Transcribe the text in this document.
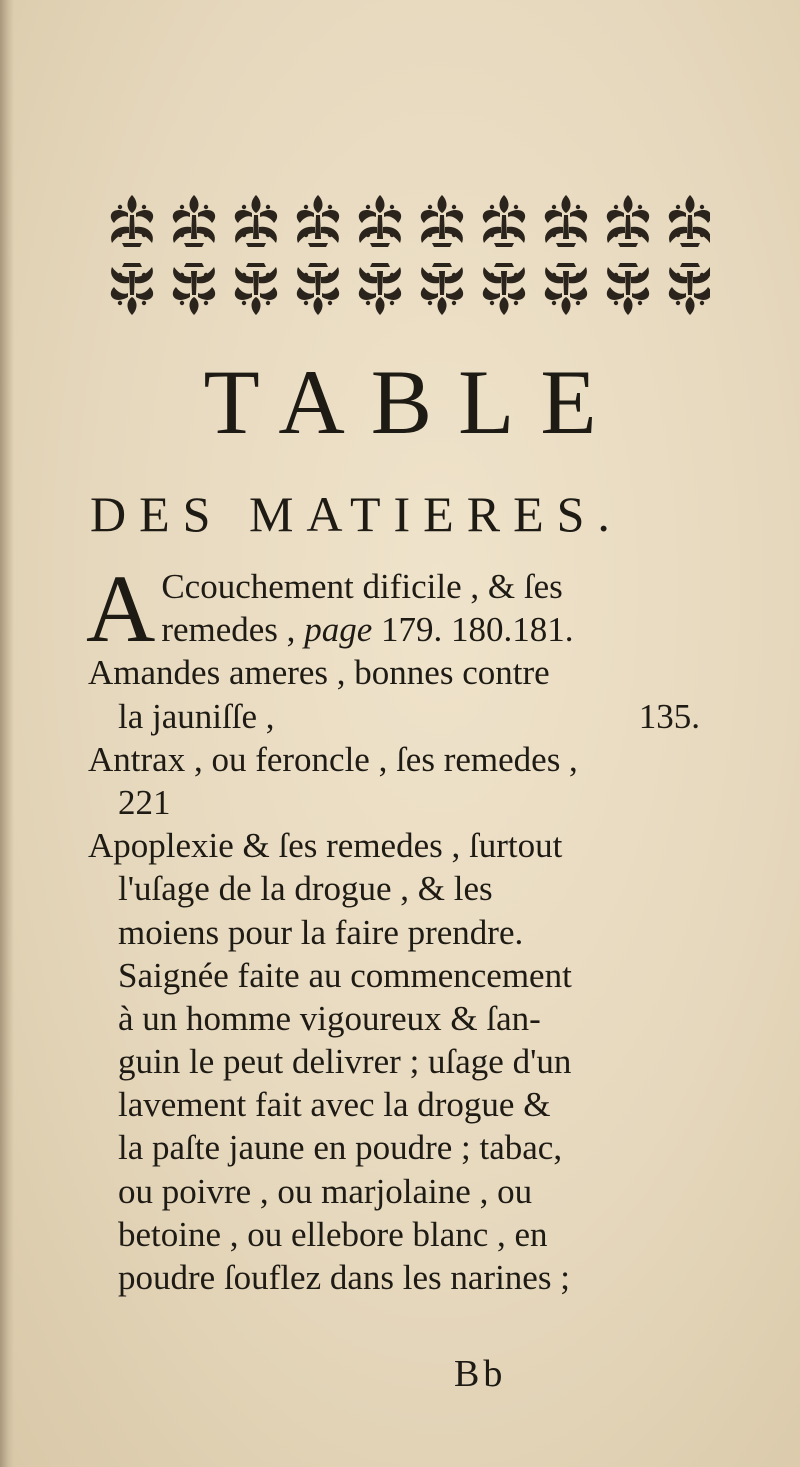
TABLE
DES MATIERES.
A Ccouchement dificile , & ſes
remedes , page 179. 180.181.
Amandes ameres , bonnes contre
la jauniſſe ,	135.
Antrax , ou feroncle , ſes remedes ,
221
Apoplexie & ſes remedes , ſurtout
l'uſage de la drogue , & les
moiens pour la faire prendre.
Saignée faite au commencement
à un homme vigoureux & ſan-
guin le peut delivrer ; uſage d'un
lavement fait avec la drogue &
la paſte jaune en poudre ; tabac,
ou poivre , ou marjolaine , ou
betoine , ou ellebore blanc , en
poudre ſouflez dans les narines ;
Bb
